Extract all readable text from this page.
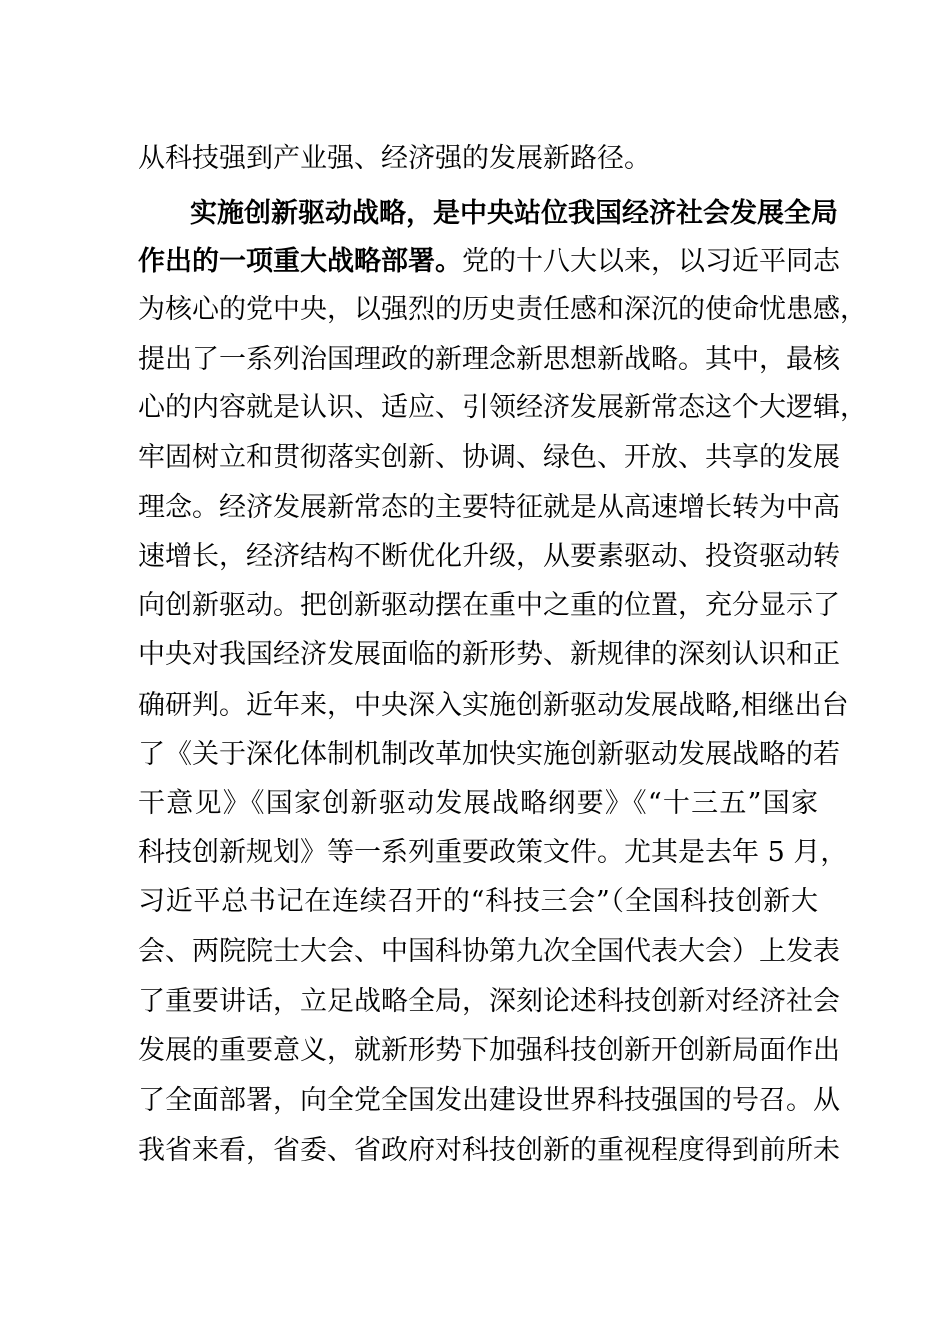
从科技强到产业强、经济强的发展新路径。
实施创新驱动战略，是中央站位我国经济社会发展全局
作出的一项重大战略部署。党的十八大以来，以习近平同志
为核心的党中央，以强烈的历史责任感和深沉的使命忧患感，
提出了一系列治国理政的新理念新思想新战略。其中，最核
心的内容就是认识、适应、引领经济发展新常态这个大逻辑，
牢固树立和贯彻落实创新、协调、绿色、开放、共享的发展
理念。经济发展新常态的主要特征就是从高速增长转为中高
速增长，经济结构不断优化升级，从要素驱动、投资驱动转
向创新驱动。把创新驱动摆在重中之重的位置，充分显示了
中央对我国经济发展面临的新形势、新规律的深刻认识和正
确研判。近年来，中央深入实施创新驱动发展战略,相继出台
了《关于深化体制机制改革加快实施创新驱动发展战略的若
干意见》《国家创新驱动发展战略纲要》《“十三五”国家
科技创新规划》等一系列重要政策文件。尤其是去年 5 月，
习近平总书记在连续召开的“科技三会”（全国科技创新大
会、两院院士大会、中国科协第九次全国代表大会）上发表
了重要讲话，立足战略全局，深刻论述科技创新对经济社会
发展的重要意义，就新形势下加强科技创新开创新局面作出
了全面部署，向全党全国发出建设世界科技强国的号召。从
我省来看，省委、省政府对科技创新的重视程度得到前所未
